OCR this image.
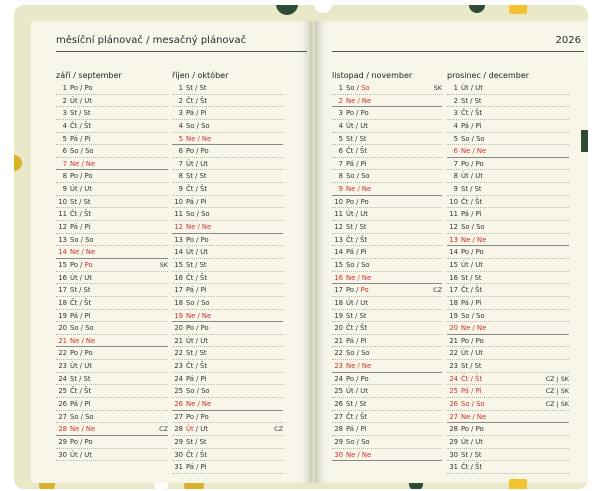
měsíční plánovač / mesačný plánovač
září / september
1 Po / Po
2 Út / Ut
3 St / St
4 Čt / Št
5 Pá / Pi
6 So / So
7 Ne / Ne
8 Po / Po
9 Út / Ut
10 St / St
11 Čt / Št
12 Pá / Pi
13 So / So
14 Ne / Ne
15 Po / Po	SK
16 Út / Ut
17 St / St
18 Čt / Št
19 Pá / Pi
20 So / So
21 Ne / Ne
22 Po / Po
23 Út / Ut
24 St / St
25 Čt / Št
26 Pá / Pi
27 So / So
28 Ne / Ne	CZ
29 Po / Po
30 Út / Ut
říjen / október
1 St / St
2 Čt / Št
3 Pá / Pi
4 So / So
5 Ne / Ne
6 Po / Po
7 Út / Ut
8 St / St
9 Čt / Št
10 Pá / Pi
11 So / So
12 Ne / Ne
13 Po / Po
14 Út / Ut
15 St / St
16 Čt / Št
17 Pá / Pi
18 So / So
19 Ne / Ne
20 Po / Po
21 Út / Ut
22 St / St
23 Čt / Št
24 Pá / Pi
25 So / So
26 Ne / Ne
27 Po / Po
28 Út / Ut	CZ
29 St / St
30 Čt / Št
31 Pá / Pi
2026
listopad / november
1 So / So	SK
2 Ne / Ne
3 Po / Po
4 Út / Ut
5 St / St
6 Čt / Št
7 Pá / Pi
8 So / So
9 Ne / Ne
10 Po / Po
11 Út / Ut
12 St / St
13 Čt / Št
14 Pá / Pi
15 So / So
16 Ne / Ne
17 Po / Po	CZ
18 Út / Ut
19 St / St
20 Čt / Št
21 Pá / Pi
22 So / So
23 Ne / Ne
24 Po / Po
25 Út / Ut
26 St / St
27 Čt / Št
28 Pá / Pi
29 So / So
30 Ne / Ne
prosinec / december
1 Út / Ut
2 St / St
3 Čt / Št
4 Pá / Pi
5 So / So
6 Ne / Ne
7 Po / Po
8 Út / Ut
9 St / St
10 Čt / Št
11 Pá / Pi
12 So / So
13 Ne / Ne
14 Po / Po
15 Út / Ut
16 St / St
17 Čt / Št
18 Pá / Pi
19 So / So
20 Ne / Ne
21 Po / Po
22 Út / Ut
23 St / St
24 Čt / Št	CZ | SK
25 Pá / Pi	CZ | SK
26 So / So	CZ | SK
27 Ne / Ne
28 Po / Po
29 Út / Ut
30 St / St
31 Čt / Št
